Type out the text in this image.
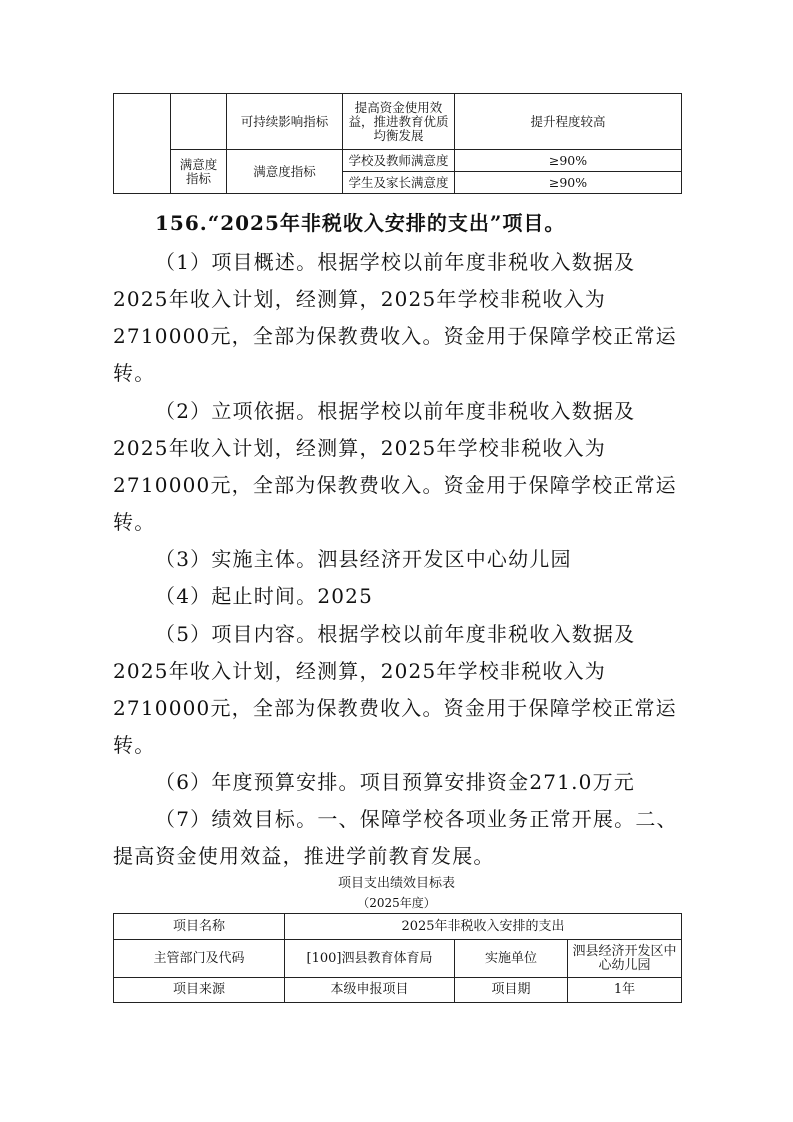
		可持续影响指标	提高资金使用效益，推进教育优质均衡发展	提升程度较高
	满意度指标	满意度指标	学校及教师满意度	≥90%
			学生及家长满意度	≥90%
156.“2025年非税收入安排的支出”项目。
（1）项目概述。根据学校以前年度非税收入数据及
2025年收入计划，经测算，2025年学校非税收入为
2710000元，全部为保教费收入。资金用于保障学校正常运
转。
（2）立项依据。根据学校以前年度非税收入数据及
2025年收入计划，经测算，2025年学校非税收入为
2710000元，全部为保教费收入。资金用于保障学校正常运
转。
（3）实施主体。泗县经济开发区中心幼儿园
（4）起止时间。2025
（5）项目内容。根据学校以前年度非税收入数据及
2025年收入计划，经测算，2025年学校非税收入为
2710000元，全部为保教费收入。资金用于保障学校正常运
转。
（6）年度预算安排。项目预算安排资金271.0万元
（7）绩效目标。一、保障学校各项业务正常开展。二、
提高资金使用效益，推进学前教育发展。
项目支出绩效目标表
（2025年度）
项目名称	2025年非税收入安排的支出		
主管部门及代码	[100]泗县教育体育局	实施单位	泗县经济开发区中心幼儿园
项目来源	本级申报项目	项目期	1年
